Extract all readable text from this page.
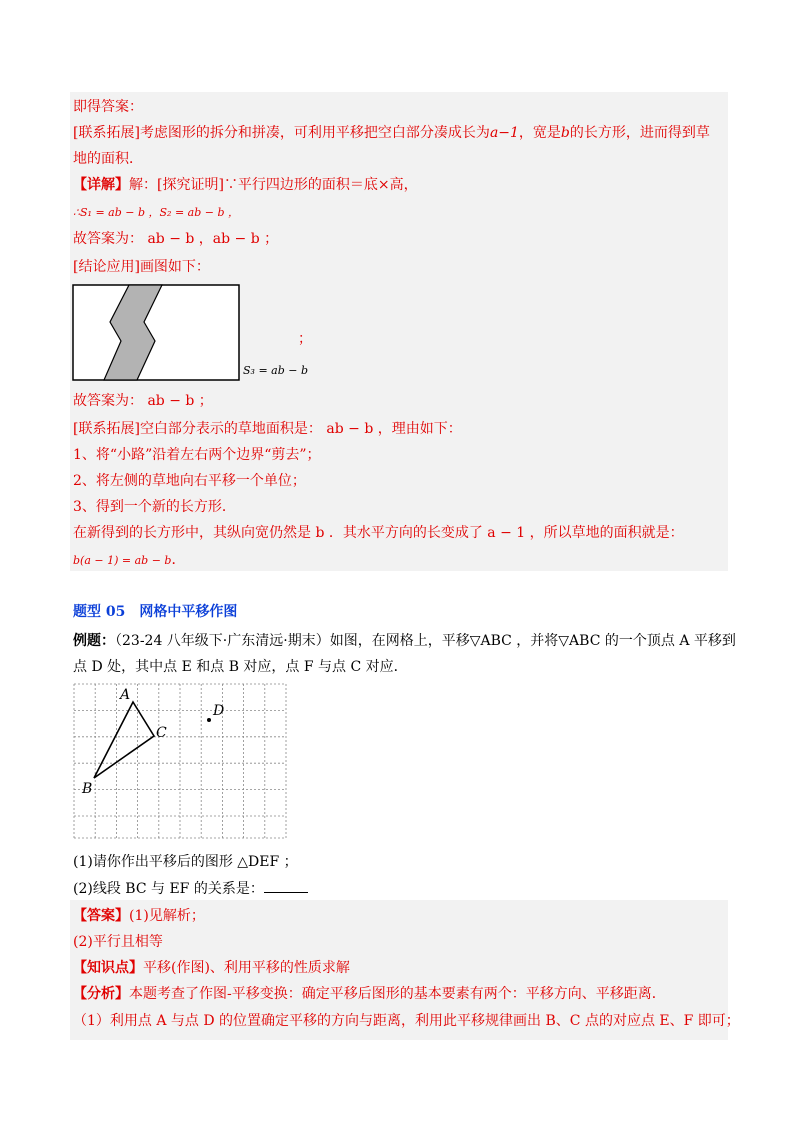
即得答案：
[联系拓展]考虑图形的拆分和拼凑，可利用平移把空白部分凑成长为a−1，宽是b的长方形，进而得到草
地的面积．
【详解】解：[探究证明]∵平行四边形的面积＝底×高，
∴S₁ = ab − b ，S₂ = ab − b ，
故答案为： ab − b ，ab − b ；
[结论应用]画图如下：
；
S₃ = ab − b
故答案为： ab − b ；
[联系拓展]空白部分表示的草地面积是： ab − b ，理由如下：
1、将“小路”沿着左右两个边界“剪去”；
2、将左侧的草地向右平移一个单位；
3、得到一个新的长方形．
在新得到的长方形中，其纵向宽仍然是 b ．其水平方向的长变成了 a − 1 ，所以草地的面积就是：
b(a − 1) = ab − b．
题型 05 网格中平移作图
例题：（23-24 八年级下·广东清远·期末）如图，在网格上，平移▽ABC ，并将▽ABC 的一个顶点 A 平移到
点 D 处，其中点 E 和点 B 对应，点 F 与点 C 对应．
A
B
C
D
(1)请你作出平移后的图形 △DEF ；
(2)线段 BC 与 EF 的关系是：
【答案】(1)见解析；
(2)平行且相等
【知识点】平移(作图)、利用平移的性质求解
【分析】本题考查了作图-平移变换：确定平移后图形的基本要素有两个：平移方向、平移距离．
（1）利用点 A 与点 D 的位置确定平移的方向与距离，利用此平移规律画出 B、C 点的对应点 E、F 即可；
